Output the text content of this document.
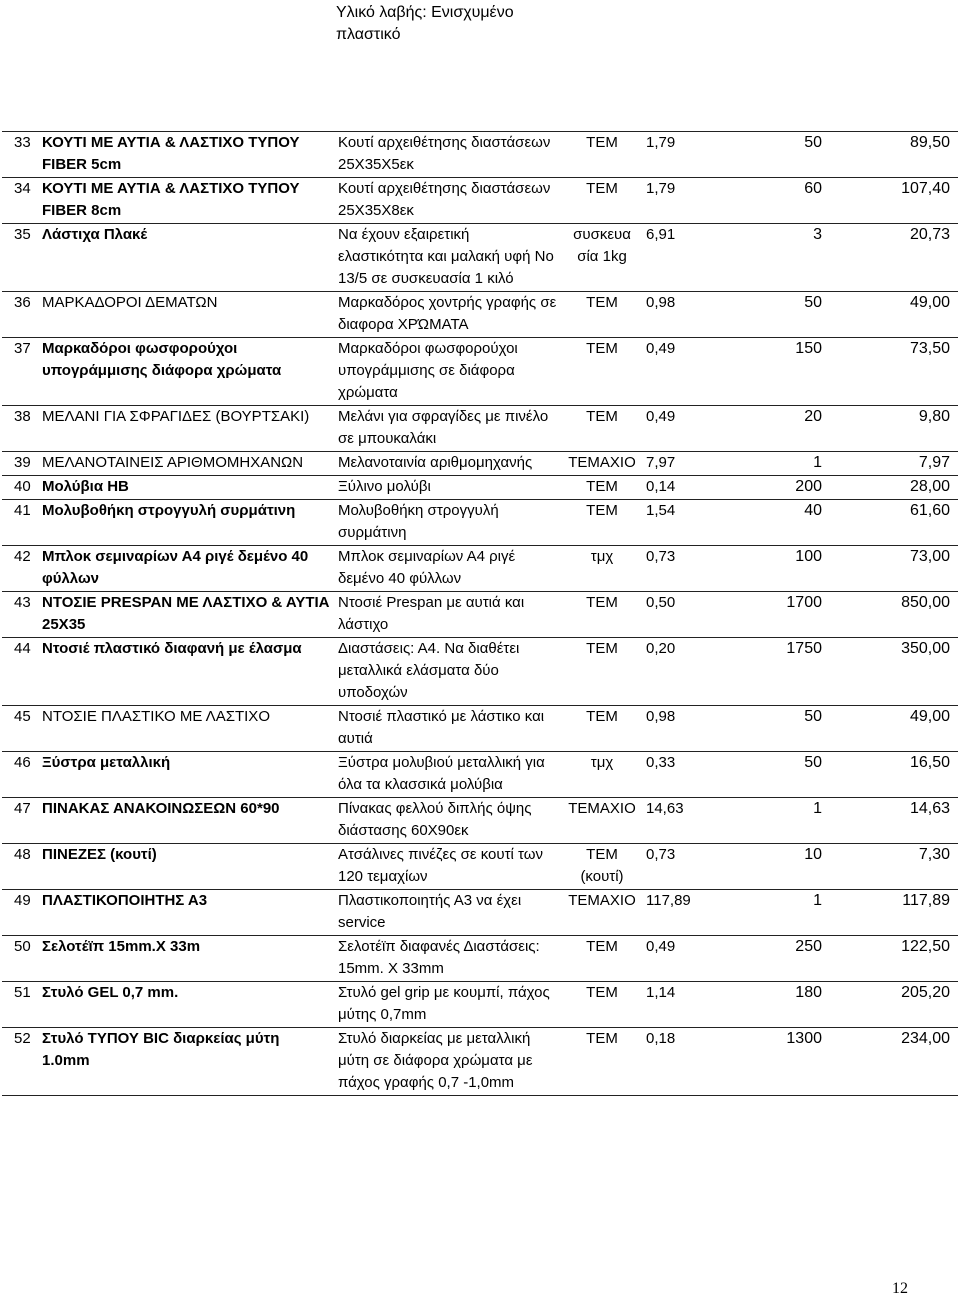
Υλικό λαβής: Ενισχυμένο πλαστικό
33	ΚΟΥΤΙ ΜΕ ΑΥΤΙΑ & ΛΑΣΤΙΧΟ ΤΥΠΟΥ FIBER 5cm	Κουτί αρχειθέτησης διαστάσεων 25Χ35Χ5εκ	ΤΕΜ	1,79	50	89,50
34	ΚΟΥΤΙ ΜΕ ΑΥΤΙΑ & ΛΑΣΤΙΧΟ ΤΥΠΟΥ FIBER 8cm	Κουτί αρχειθέτησης διαστάσεων 25Χ35Χ8εκ	ΤΕΜ	1,79	60	107,40
35	Λάστιχα Πλακέ	Να έχουν εξαιρετική ελαστικότητα και μαλακή υφή Νο 13/5 σε συσκευασία 1 κιλό	συσκευα σία 1kg	6,91	3	20,73
36	ΜΑΡΚΑΔΟΡΟΙ ΔΕΜΑΤΩΝ	Μαρκαδόρος χοντρής γραφής σε διαφορα ΧΡΏΜΑΤΑ	ΤΕΜ	0,98	50	49,00
37	Μαρκαδόροι φωσφορούχοι υπογράμμισης διάφορα χρώματα	Μαρκαδόροι φωσφορούχοι υπογράμμισης σε διάφορα χρώματα	ΤΕΜ	0,49	150	73,50
38	ΜΕΛΑΝΙ ΓΙΑ ΣΦΡΑΓΙΔΕΣ (ΒΟΥΡΤΣΑΚΙ)	Μελάνι για σφραγίδες με πινέλο σε μπουκαλάκι	ΤΕΜ	0,49	20	9,80
39	ΜΕΛΑΝΟΤΑΙΝΕΙΣ ΑΡΙΘΜΟΜΗΧΑΝΩΝ	Μελανοταινία αριθμομηχανής	ΤΕΜΑΧΙΟ	7,97	1	7,97
40	Μολύβια ΗΒ	Ξύλινο μολύβι	ΤΕΜ	0,14	200	28,00
41	Μολυβοθήκη στρογγυλή συρμάτινη	Μολυβοθήκη στρογγυλή συρμάτινη	ΤΕΜ	1,54	40	61,60
42	Μπλοκ σεμιναρίων Α4 ριγέ δεμένο 40 φύλλων	Μπλοκ σεμιναρίων Α4 ριγέ δεμένο 40 φύλλων	τμχ	0,73	100	73,00
43	ΝΤΟΣΙΕ PRESPAN ΜΕ ΛΑΣΤΙΧΟ & ΑΥΤΙΑ 25Χ35	Ντοσιέ Prespan με αυτιά και λάστιχο	ΤΕΜ	0,50	1700	850,00
44	Ντοσιέ πλαστικό διαφανή με έλασμα	Διαστάσεις: Α4. Να διαθέτει μεταλλικά ελάσματα δύο υποδοχών	ΤΕΜ	0,20	1750	350,00
45	ΝΤΟΣΙΕ ΠΛΑΣΤΙΚΟ ΜΕ ΛΑΣΤΙΧΟ	Ντοσιέ πλαστικό με λάστικο και αυτιά	ΤΕΜ	0,98	50	49,00
46	Ξύστρα μεταλλική	Ξύστρα μολυβιού μεταλλική για όλα τα κλασσικά μολύβια	τμχ	0,33	50	16,50
47	ΠΙΝΑΚΑΣ ΑΝΑΚΟΙΝΩΣΕΩΝ 60*90	Πίνακας φελλού διπλής όψης διάστασης 60Χ90εκ	ΤΕΜΑΧΙΟ	14,63	1	14,63
48	ΠΙΝΕΖΕΣ (κουτί)	Ατσάλινες πινέζες σε κουτί των 120 τεμαχίων	ΤΕΜ (κουτί)	0,73	10	7,30
49	ΠΛΑΣΤΙΚΟΠΟΙΗΤΗΣ Α3	Πλαστικοποιητής Α3 να έχει service	ΤΕΜΑΧΙΟ	117,89	1	117,89
50	Σελοτέϊπ 15mm.Χ 33m	Σελοτέϊπ διαφανές Διαστάσεις: 15mm. Χ 33mm	ΤΕΜ	0,49	250	122,50
51	Στυλό GEL 0,7 mm.	Στυλό gel grip με κουμπί, πάχος μύτης 0,7mm	ΤΕΜ	1,14	180	205,20
52	Στυλό ΤΥΠΟΥ BIC διαρκείας μύτη 1.0mm	Στυλό διαρκείας με μεταλλική μύτη σε διάφορα χρώματα με πάχος γραφής 0,7 -1,0mm	ΤΕΜ	0,18	1300	234,00
12
